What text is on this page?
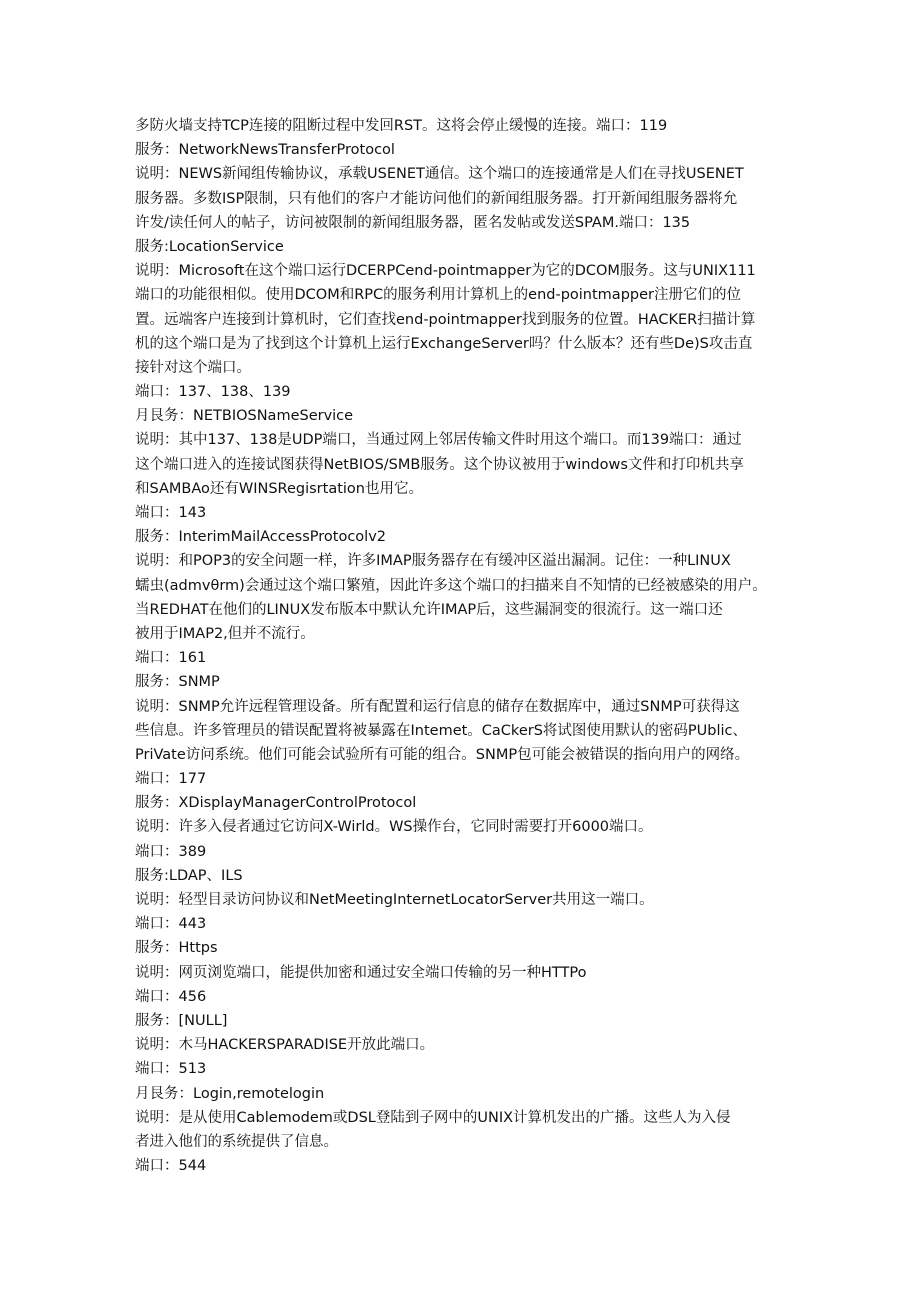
多防火墙支持TCP连接的阻断过程中发回RST。这将会停止缓慢的连接。端口：119
服务：NetworkNewsTransferProtocol
说明：NEWS新闻组传输协议，承载USENET通信。这个端口的连接通常是人们在寻找USENET
服务器。多数ISP限制，只有他们的客户才能访问他们的新闻组服务器。打开新闻组服务器将允
许发/读任何人的帖子，访问被限制的新闻组服务器，匿名发帖或发送SPAM.端口：135
服务:LocationService
说明：Microsoft在这个端口运行DCERPCend-pointmapper为它的DCOM服务。这与UNIX111
端口的功能很相似。使用DCOM和RPC的服务利用计算机上的end-pointmapper注册它们的位
置。远端客户连接到计算机时，它们查找end-pointmapper找到服务的位置。HACKER扫描计算
机的这个端口是为了找到这个计算机上运行ExchangeServer吗？什么版本？还有些De)S攻击直
接针对这个端口。
端口：137、138、139
月艮务：NETBIOSNameService
说明：其中137、138是UDP端口，当通过网上邻居传输文件时用这个端口。而139端口：通过
这个端口进入的连接试图获得NetBIOS/SMB服务。这个协议被用于windows文件和打印机共享
和SAMBAo还有WINSRegisrtation也用它。
端口：143
服务：InterimMailAccessProtocolv2
说明：和POP3的安全问题一样，许多IMAP服务器存在有缓冲区溢出漏洞。记住：一种LINUX
蠕虫(admvθrm)会通过这个端口繁殖，因此许多这个端口的扫描来自不知情的已经被感染的用户。
当REDHAT在他们的LINUX发布版本中默认允许IMAP后，这些漏洞变的很流行。这一端口还
被用于IMAP2,但并不流行。
端口：161
服务：SNMP
说明：SNMP允许远程管理设备。所有配置和运行信息的储存在数据库中，通过SNMP可获得这
些信息。许多管理员的错误配置将被暴露在Intemet。CaCkerS将试图使用默认的密码PUblic、
PriVate访问系统。他们可能会试验所有可能的组合。SNMP包可能会被错误的指向用户的网络。
端口：177
服务：XDisplayManagerControlProtocol
说明：许多入侵者通过它访问X-Wirld。WS操作台，它同时需要打开6000端口。
端口：389
服务:LDAP、ILS
说明：轻型目录访问协议和NetMeetingInternetLocatorServer共用这一端口。
端口：443
服务：Https
说明：网页浏览端口，能提供加密和通过安全端口传输的另一种HTTPo
端口：456
服务：[NULL]
说明：木马HACKERSPARADISE开放此端口。
端口：513
月艮务：Login,remotelogin
说明：是从使用Cablemodem或DSL登陆到子网中的UNIX计算机发出的广播。这些人为入侵
者进入他们的系统提供了信息。
端口：544
